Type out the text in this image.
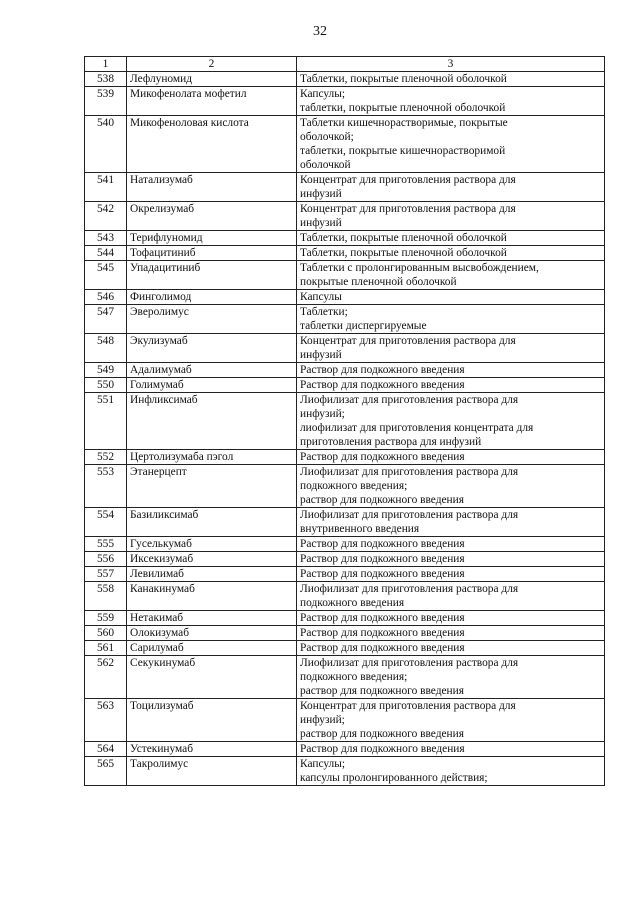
32
1	2	3
538	Лефлуномид	Таблетки, покрытые пленочной оболочкой

539	Микофенолата мофетил	Капсулы;
таблетки, покрытые пленочной оболочкой

540	Микофеноловая кислота	Таблетки кишечнорастворимые, покрытые
оболочкой;
таблетки, покрытые кишечнорастворимой
оболочкой

541	Натализумаб	Концентрат для приготовления раствора для
инфузий

542	Окрелизумаб	Концентрат для приготовления раствора для
инфузий

543	Терифлуномид	Таблетки, покрытые пленочной оболочкой

544	Тофацитиниб	Таблетки, покрытые пленочной оболочкой

545	Упадацитиниб	Таблетки с пролонгированным высвобождением,
покрытые пленочной оболочкой

546	Финголимод	Капсулы

547	Эверолимус	Таблетки;
таблетки диспергируемые

548	Экулизумаб	Концентрат для приготовления раствора для
инфузий

549	Адалимумаб	Раствор для подкожного введения

550	Голимумаб	Раствор для подкожного введения

551	Инфликсимаб	Лиофилизат для приготовления раствора для
инфузий;
лиофилизат для приготовления концентрата для
приготовления раствора для инфузий

552	Цертолизумаба пэгол	Раствор для подкожного введения

553	Этанерцепт	Лиофилизат для приготовления раствора для
подкожного введения;
раствор для подкожного введения

554	Базиликсимаб	Лиофилизат для приготовления раствора для
внутривенного введения

555	Гуселькумаб	Раствор для подкожного введения

556	Иксекизумаб	Раствор для подкожного введения

557	Левилимаб	Раствор для подкожного введения

558	Канакинумаб	Лиофилизат для приготовления раствора для
подкожного введения

559	Нетакимаб	Раствор для подкожного введения

560	Олокизумаб	Раствор для подкожного введения

561	Сарилумаб	Раствор для подкожного введения

562	Секукинумаб	Лиофилизат для приготовления раствора для
подкожного введения;
раствор для подкожного введения

563	Тоцилизумаб	Концентрат для приготовления раствора для
инфузий;
раствор для подкожного введения

564	Устекинумаб	Раствор для подкожного введения

565	Такролимус	Капсулы;
капсулы пролонгированного действия;
